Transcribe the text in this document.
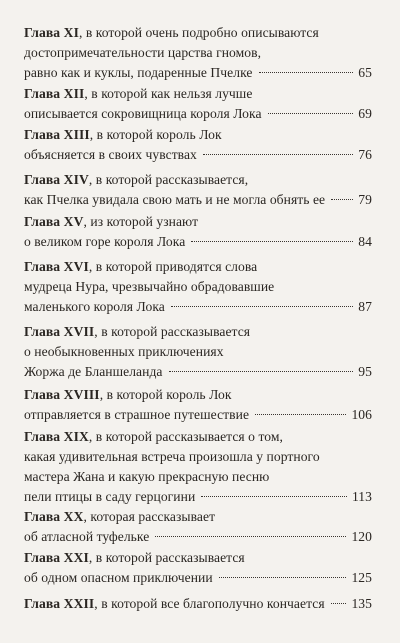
Глава XI, в которой очень подробно описываются
достопримечательности царства гномов,
равно как и куклы, подаренные Пчелке	65
Глава XII, в которой как нельзя лучше
описывается сокровищница короля Лока	69
Глава XIII, в которой король Лок
объясняется в своих чувствах	76
Глава XIV, в которой рассказывается,
как Пчелка увидала свою мать и не могла обнять ее 79
Глава XV, из которой узнают
о великом горе короля Лока	84
Глава XVI, в которой приводятся слова
мудреца Нура, чрезвычайно обрадовавшие
маленького короля Лока	87
Глава XVII, в которой рассказывается
о необыкновенных приключениях
Жоржа де Бланшеланда	95
Глава XVIII, в которой король Лок
отправляется в страшное путешествие	106
Глава XIX, в которой рассказывается о том,
какая удивительная встреча произошла у портного
мастера Жана и какую прекрасную песню
пели птицы в саду герцогини	113
Глава XX, которая рассказывает
об атласной туфельке	120
Глава XXI, в которой рассказывается
об одном опасном приключении	125
Глава XXII , в которой все благополучно кончается 135
